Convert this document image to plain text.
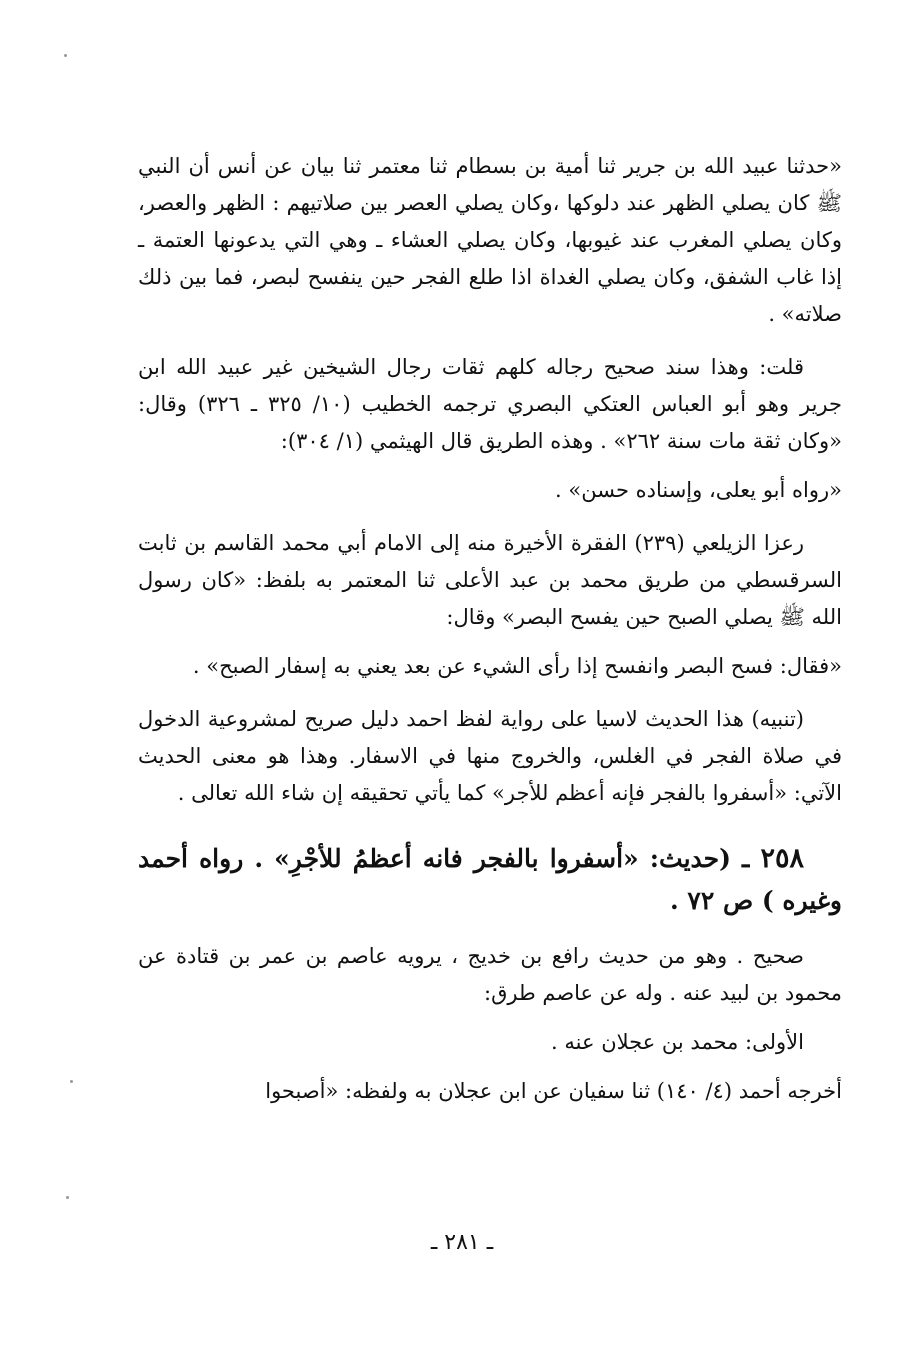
«حدثنا عبيد الله بن جرير ثنا أمية بن بسطام ثنا معتمر ثنا بيان عن أنس أن النبي ﷺ كان يصلي الظهر عند دلوكها ،وكان يصلي العصر بين صلاتيهم : الظهر والعصر، وكان يصلي المغرب عند غيوبها، وكان يصلي العشاء ـ وهي التي يدعونها العتمة ـ إذا غاب الشفق، وكان يصلي الغداة اذا طلع الفجر حين ينفسح لبصر، فما بين ذلك صلاته» .

قلت: وهذا سند صحيح رجاله كلهم ثقات رجال الشيخين غير عبيد الله ابن جرير وهو أبو العباس العتكي البصري ترجمه الخطيب (١٠/ ٣٢٥ ـ ٣٢٦) وقال: «وكان ثقة مات سنة ٢٦٢» . وهذه الطريق قال الهيثمي (١/ ٣٠٤):

«رواه أبو يعلى، وإسناده حسن» .

رعزا الزيلعي (٢٣٩) الفقرة الأخيرة منه إلى الامام أبي محمد القاسم بن ثابت السرقسطي من طريق محمد بن عبد الأعلى ثنا المعتمر به بلفظ: «كان رسول الله ﷺ يصلي الصبح حين يفسح البصر» وقال:

«فقال: فسح البصر وانفسح إذا رأى الشيء عن بعد يعني به إسفار الصبح» .

(تنبيه) هذا الحديث لاسيا على رواية لفظ احمد دليل صريح لمشروعية الدخول في صلاة الفجر في الغلس، والخروج منها في الاسفار. وهذا هو معنى الحديث الآتي: «أسفروا بالفجر فإنه أعظم للأجر» كما يأتي تحقيقه إن شاء الله تعالى .

٢٥٨ ـ (حديث: «أسفروا بالفجر فانه أعظمُ للأجْرِ» . رواه أحمد وغيره ) ص ٧٢ .

صحيح . وهو من حديث رافع بن خديج ، يرويه عاصم بن عمر بن قتادة عن محمود بن لبيد عنه . وله عن عاصم طرق:

الأولى: محمد بن عجلان عنه .

أخرجه أحمد (٤/ ١٤٠) ثنا سفيان عن ابن عجلان به ولفظه: «أصبحوا

ـ ٢٨١ ـ
